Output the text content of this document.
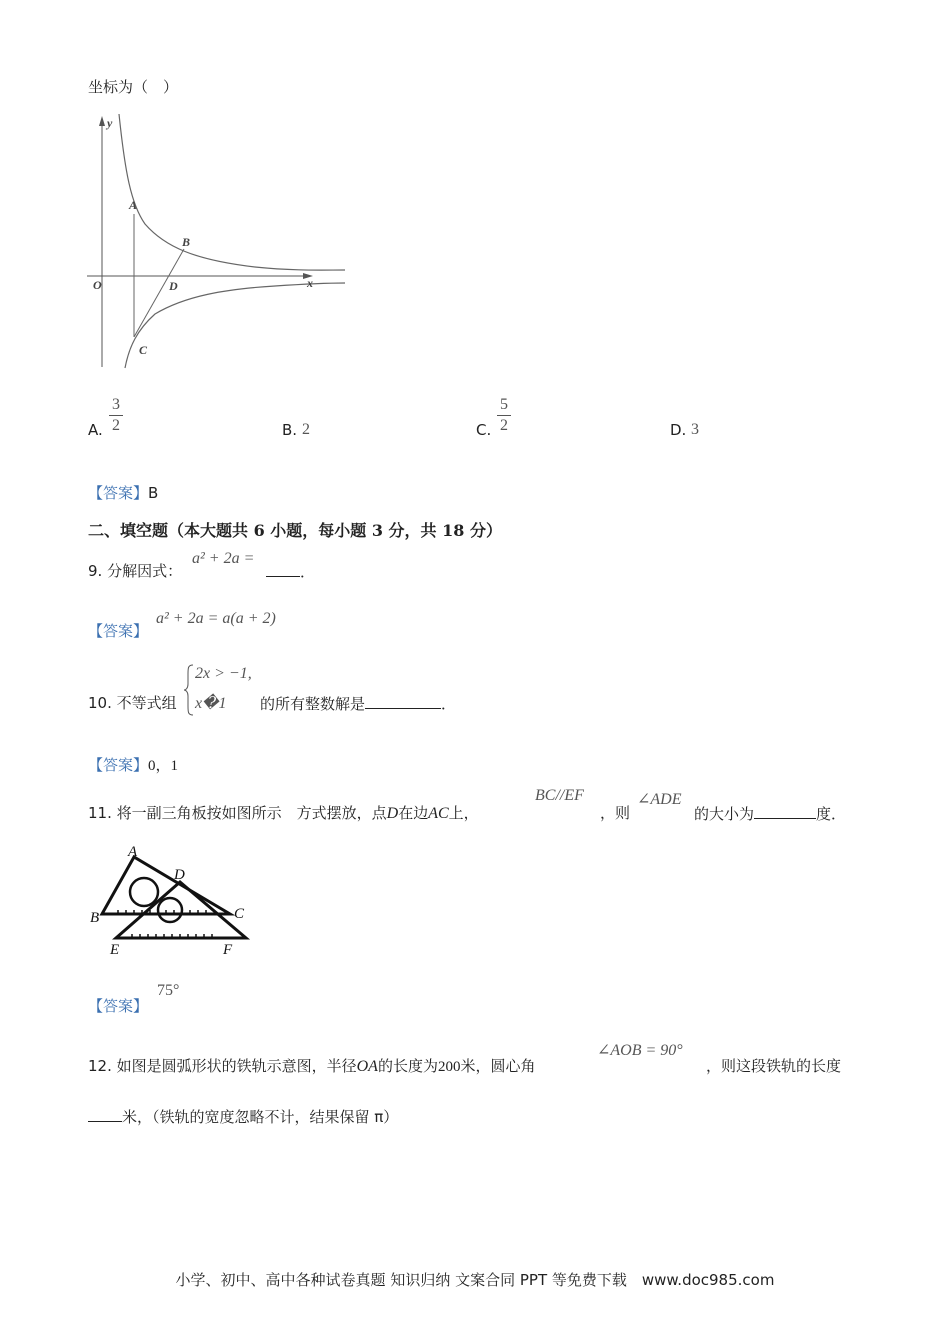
坐标为（　）
y
x
O
A
B
D
C
A.
3
2	B. 2	C.
5
2	D. 3
【答案】B
二、填空题（本大题共 6 小题，每小题 3 分，共 18 分）
9. 分解因式：
a² + 2a =
．
【答案】
a² + 2a = a(a + 2)
10. 不等式组
2x > −1,
x�1 的所有整数解是	．
【答案】0，1
11. 将一副三角板按如图所示　方式摆放，点D在边AC上，
BC//EF
，则
∠ADE
的大小为	度．
A
D
B	C
E	F
【答案】
75°
12. 如图是圆弧形状的铁轨示意图，半径OA的长度为200米，圆心角
∠AOB = 90°
，则这段铁轨的长度
米，（铁轨的宽度忽略不计，结果保留 π）
小学、初中、高中各种试卷真题 知识归纳 文案合同 PPT 等免费下载　www.doc985.com
